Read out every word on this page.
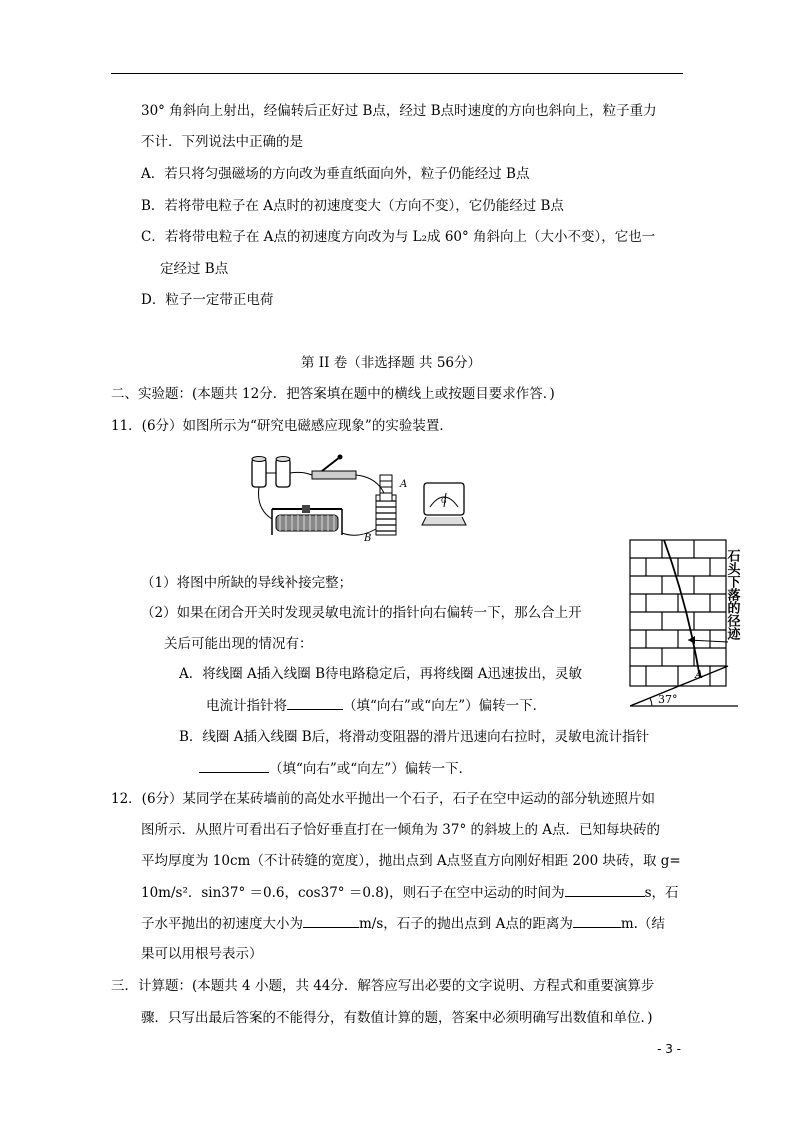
30° 角斜向上射出，经偏转后正好过 B点，经过 B点时速度的方向也斜向上，粒子重力
不计．下列说法中正确的是
A．若只将匀强磁场的方向改为垂直纸面向外，粒子仍能经过 B点
B．若将带电粒子在 A点时的初速度变大（方向不变），它仍能经过 B点
C．若将带电粒子在 A点的初速度方向改为与 L₂成 60° 角斜向上（大小不变），它也一
定经过 B点
D．粒子一定带正电荷
第 II 卷（非选择题 共 56分）
二、实验题：(本题共 12分．把答案填在题中的横线上或按题目要求作答．)
11．(6分）如图所示为“研究电磁感应现象”的实验装置．
A
B
G
（1）将图中所缺的导线补接完整；
（2）如果在闭合开关时发现灵敏电流计的指针向右偏转一下，那么合上开
关后可能出现的情况有：
A．将线圈 A插入线圈 B待电路稳定后，再将线圈 A迅速拔出，灵敏
电流计指针将	（填“向右”或“向左”）偏转一下．
B．线圈 A插入线圈 B后，将滑动变阻器的滑片迅速向右拉时，灵敏电流计指针
（填“向右”或“向左”）偏转一下．
37°
A
石头下落的径迹
12．(6分）某同学在某砖墙前的高处水平抛出一个石子，石子在空中运动的部分轨迹照片如
图所示．从照片可看出石子恰好垂直打在一倾角为 37° 的斜坡上的 A点．已知每块砖的
平均厚度为 10cm（不计砖缝的宽度），抛出点到 A点竖直方向刚好相距 200 块砖，取 g=
10m/s²．sin37° ＝0.6，cos37° ＝0.8)，则石子在空中运动的时间为	s，石
子水平抛出的初速度大小为	m/s，石子的抛出点到 A点的距离为	m.（结
果可以用根号表示）
三．计算题：(本题共 4 小题，共 44分．解答应写出必要的文字说明、方程式和重要演算步
骤．只写出最后答案的不能得分，有数值计算的题，答案中必须明确写出数值和单位．)
- 3 -
